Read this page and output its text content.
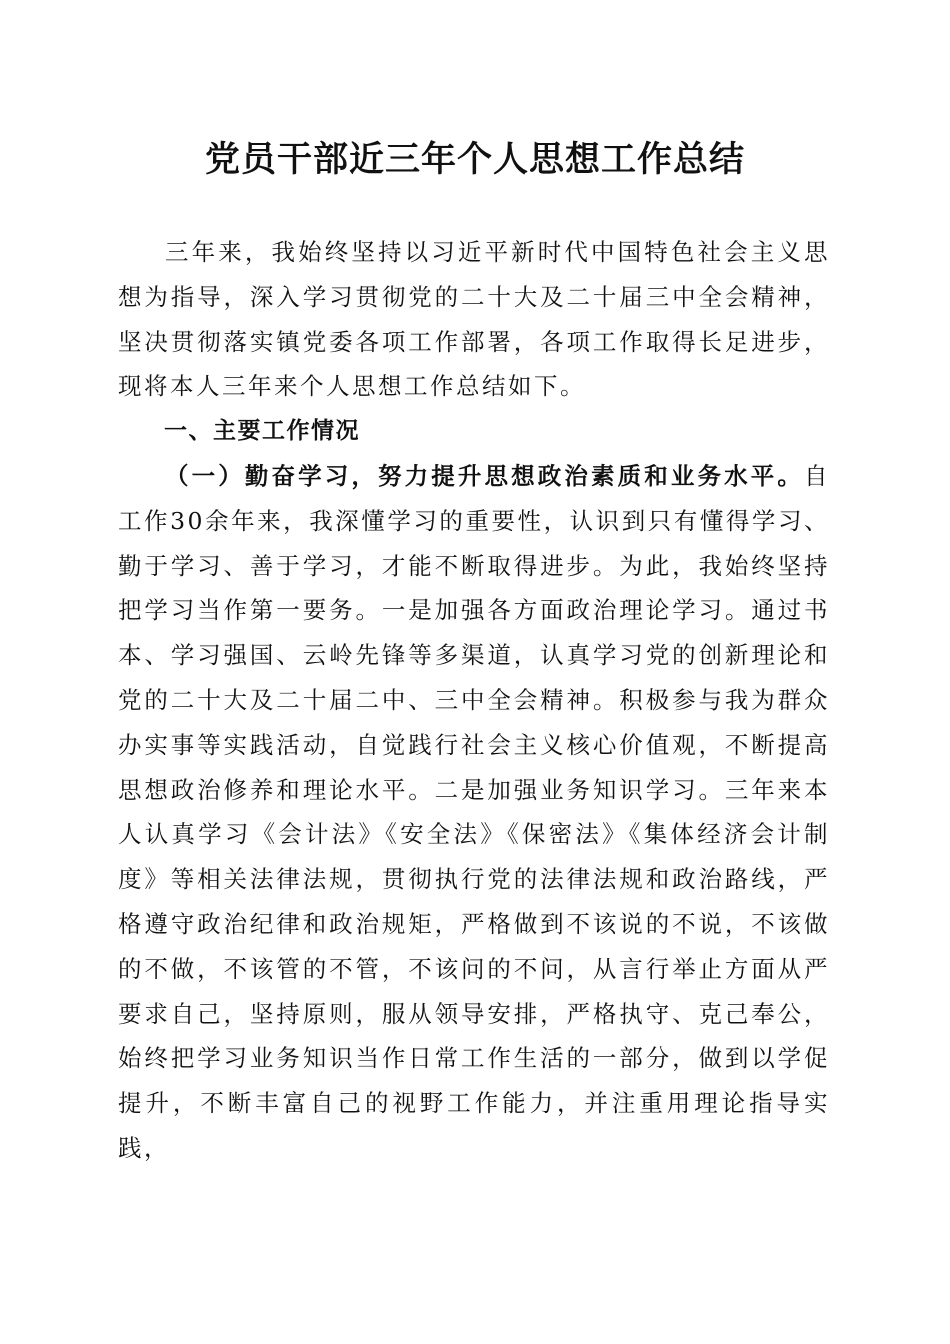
党员干部近三年个人思想工作总结

三年来，我始终坚持以习近平新时代中国特色社会主义思想为指导，深入学习贯彻党的二十大及二十届三中全会精神，坚决贯彻落实镇党委各项工作部署，各项工作取得长足进步，现将本人三年来个人思想工作总结如下。

一、主要工作情况

（一）勤奋学习，努力提升思想政治素质和业务水平。自工作30余年来，我深懂学习的重要性，认识到只有懂得学习、勤于学习、善于学习，才能不断取得进步。为此，我始终坚持把学习当作第一要务。一是加强各方面政治理论学习。通过书本、学习强国、云岭先锋等多渠道，认真学习党的创新理论和党的二十大及二十届二中、三中全会精神。积极参与我为群众办实事等实践活动，自觉践行社会主义核心价值观，不断提高思想政治修养和理论水平。二是加强业务知识学习。三年来本人认真学习《会计法》《安全法》《保密法》《集体经济会计制度》等相关法律法规，贯彻执行党的法律法规和政治路线，严格遵守政治纪律和政治规矩，严格做到不该说的不说，不该做的不做，不该管的不管，不该问的不问，从言行举止方面从严要求自己，坚持原则，服从领导安排，严格执守、克己奉公，始终把学习业务知识当作日常工作生活的一部分，做到以学促提升，不断丰富自己的视野工作能力，并注重用理论指导实践，
